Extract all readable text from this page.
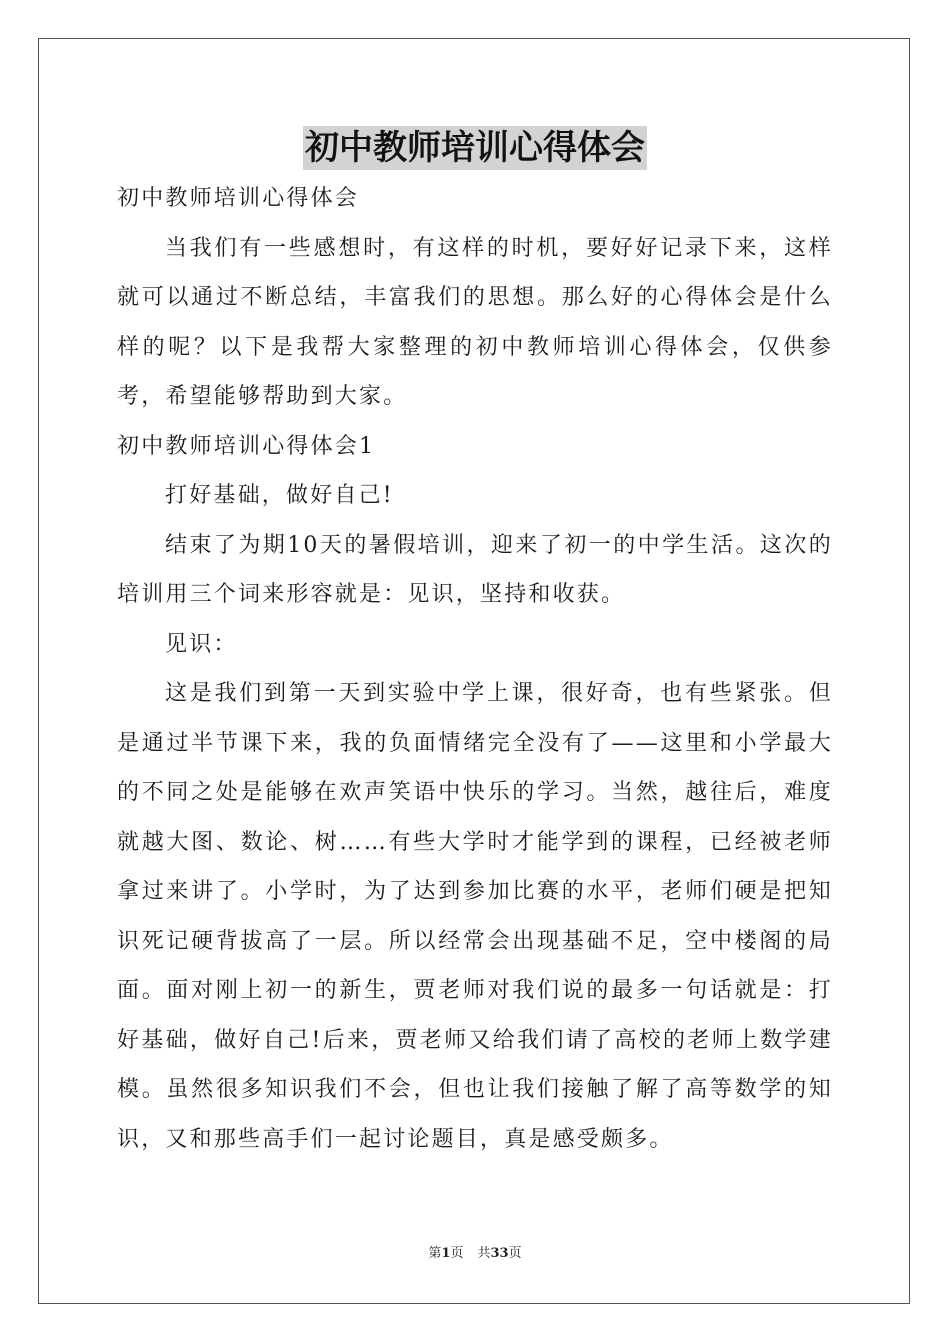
初中教师培训心得体会

初中教师培训心得体会

当我们有一些感想时，有这样的时机，要好好记录下来，这样就可以通过不断总结，丰富我们的思想。那么好的心得体会是什么样的呢？以下是我帮大家整理的初中教师培训心得体会，仅供参考，希望能够帮助到大家。

初中教师培训心得体会1

打好基础，做好自己!

结束了为期10天的暑假培训，迎来了初一的中学生活。这次的培训用三个词来形容就是：见识，坚持和收获。

见识：

这是我们到第一天到实验中学上课，很好奇，也有些紧张。但是通过半节课下来，我的负面情绪完全没有了——这里和小学最大的不同之处是能够在欢声笑语中快乐的学习。当然，越往后，难度就越大图、数论、树……有些大学时才能学到的课程，已经被老师拿过来讲了。小学时，为了达到参加比赛的水平，老师们硬是把知识死记硬背拔高了一层。所以经常会出现基础不足，空中楼阁的局面。面对刚上初一的新生，贾老师对我们说的最多一句话就是：打好基础，做好自己!后来，贾老师又给我们请了高校的老师上数学建模。虽然很多知识我们不会，但也让我们接触了解了高等数学的知识，又和那些高手们一起讨论题目，真是感受颇多。

第1页 共33页
